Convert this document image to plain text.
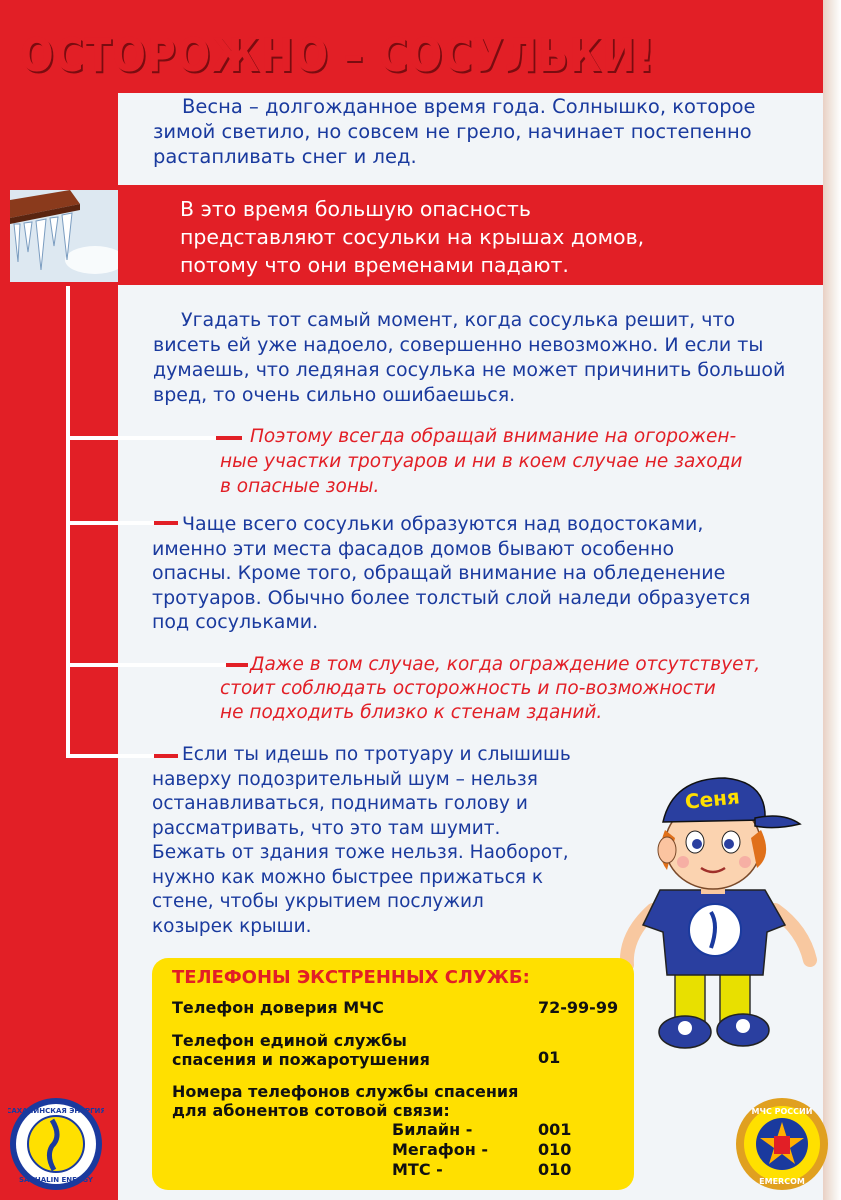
ОСТОРОЖНО – СОСУЛЬКИ!
Весна – долгожданное время года. Солнышко, которое
зимой светило, но совсем не грело, начинает постепенно
растапливать снег и лед.
В это время большую опасность
представляют сосульки на крышах домов,
потому что они временами падают.
Угадать тот самый момент, когда сосулька решит, что
висеть ей уже надоело, совершенно невозможно. И если ты
думаешь, что ледяная сосулька не может причинить большой
вред, то очень сильно ошибаешься.
Поэтому всегда обращай внимание на огорожен-
ные участки тротуаров и ни в коем случае не заходи
в опасные зоны.
Чаще всего сосульки образуются над водостоками,
именно эти места фасадов домов бывают особенно
опасны. Кроме того, обращай внимание на обледенение
тротуаров. Обычно более толстый слой наледи образуется
под сосульками.
Даже в том случае, когда ограждение отсутствует,
стоит соблюдать осторожность и по-возможности
не подходить близко к стенам зданий.
Если ты идешь по тротуару и слышишь
наверху подозрительный шум – нельзя
останавливаться, поднимать голову и
рассматривать, что это там шумит.
Бежать от здания тоже нельзя. Наоборот,
нужно как можно быстрее прижаться к
стене, чтобы укрытием послужил
козырек крыши.
Сеня
ТЕЛЕФОНЫ ЭКСТРЕННЫХ СЛУЖБ:
Телефон доверия МЧС	72-99-99
Телефон единой службы
спасения и пожаротушения	01
Номера телефонов службы спасения
для абонентов сотовой связи:
Билайн -	001
Мегафон -	010
МТС -	010
САХАЛИНСКАЯ ЭНЕРГИЯ
SAKHALIN ENERGY
МЧС РОССИИ
EMERCOM
